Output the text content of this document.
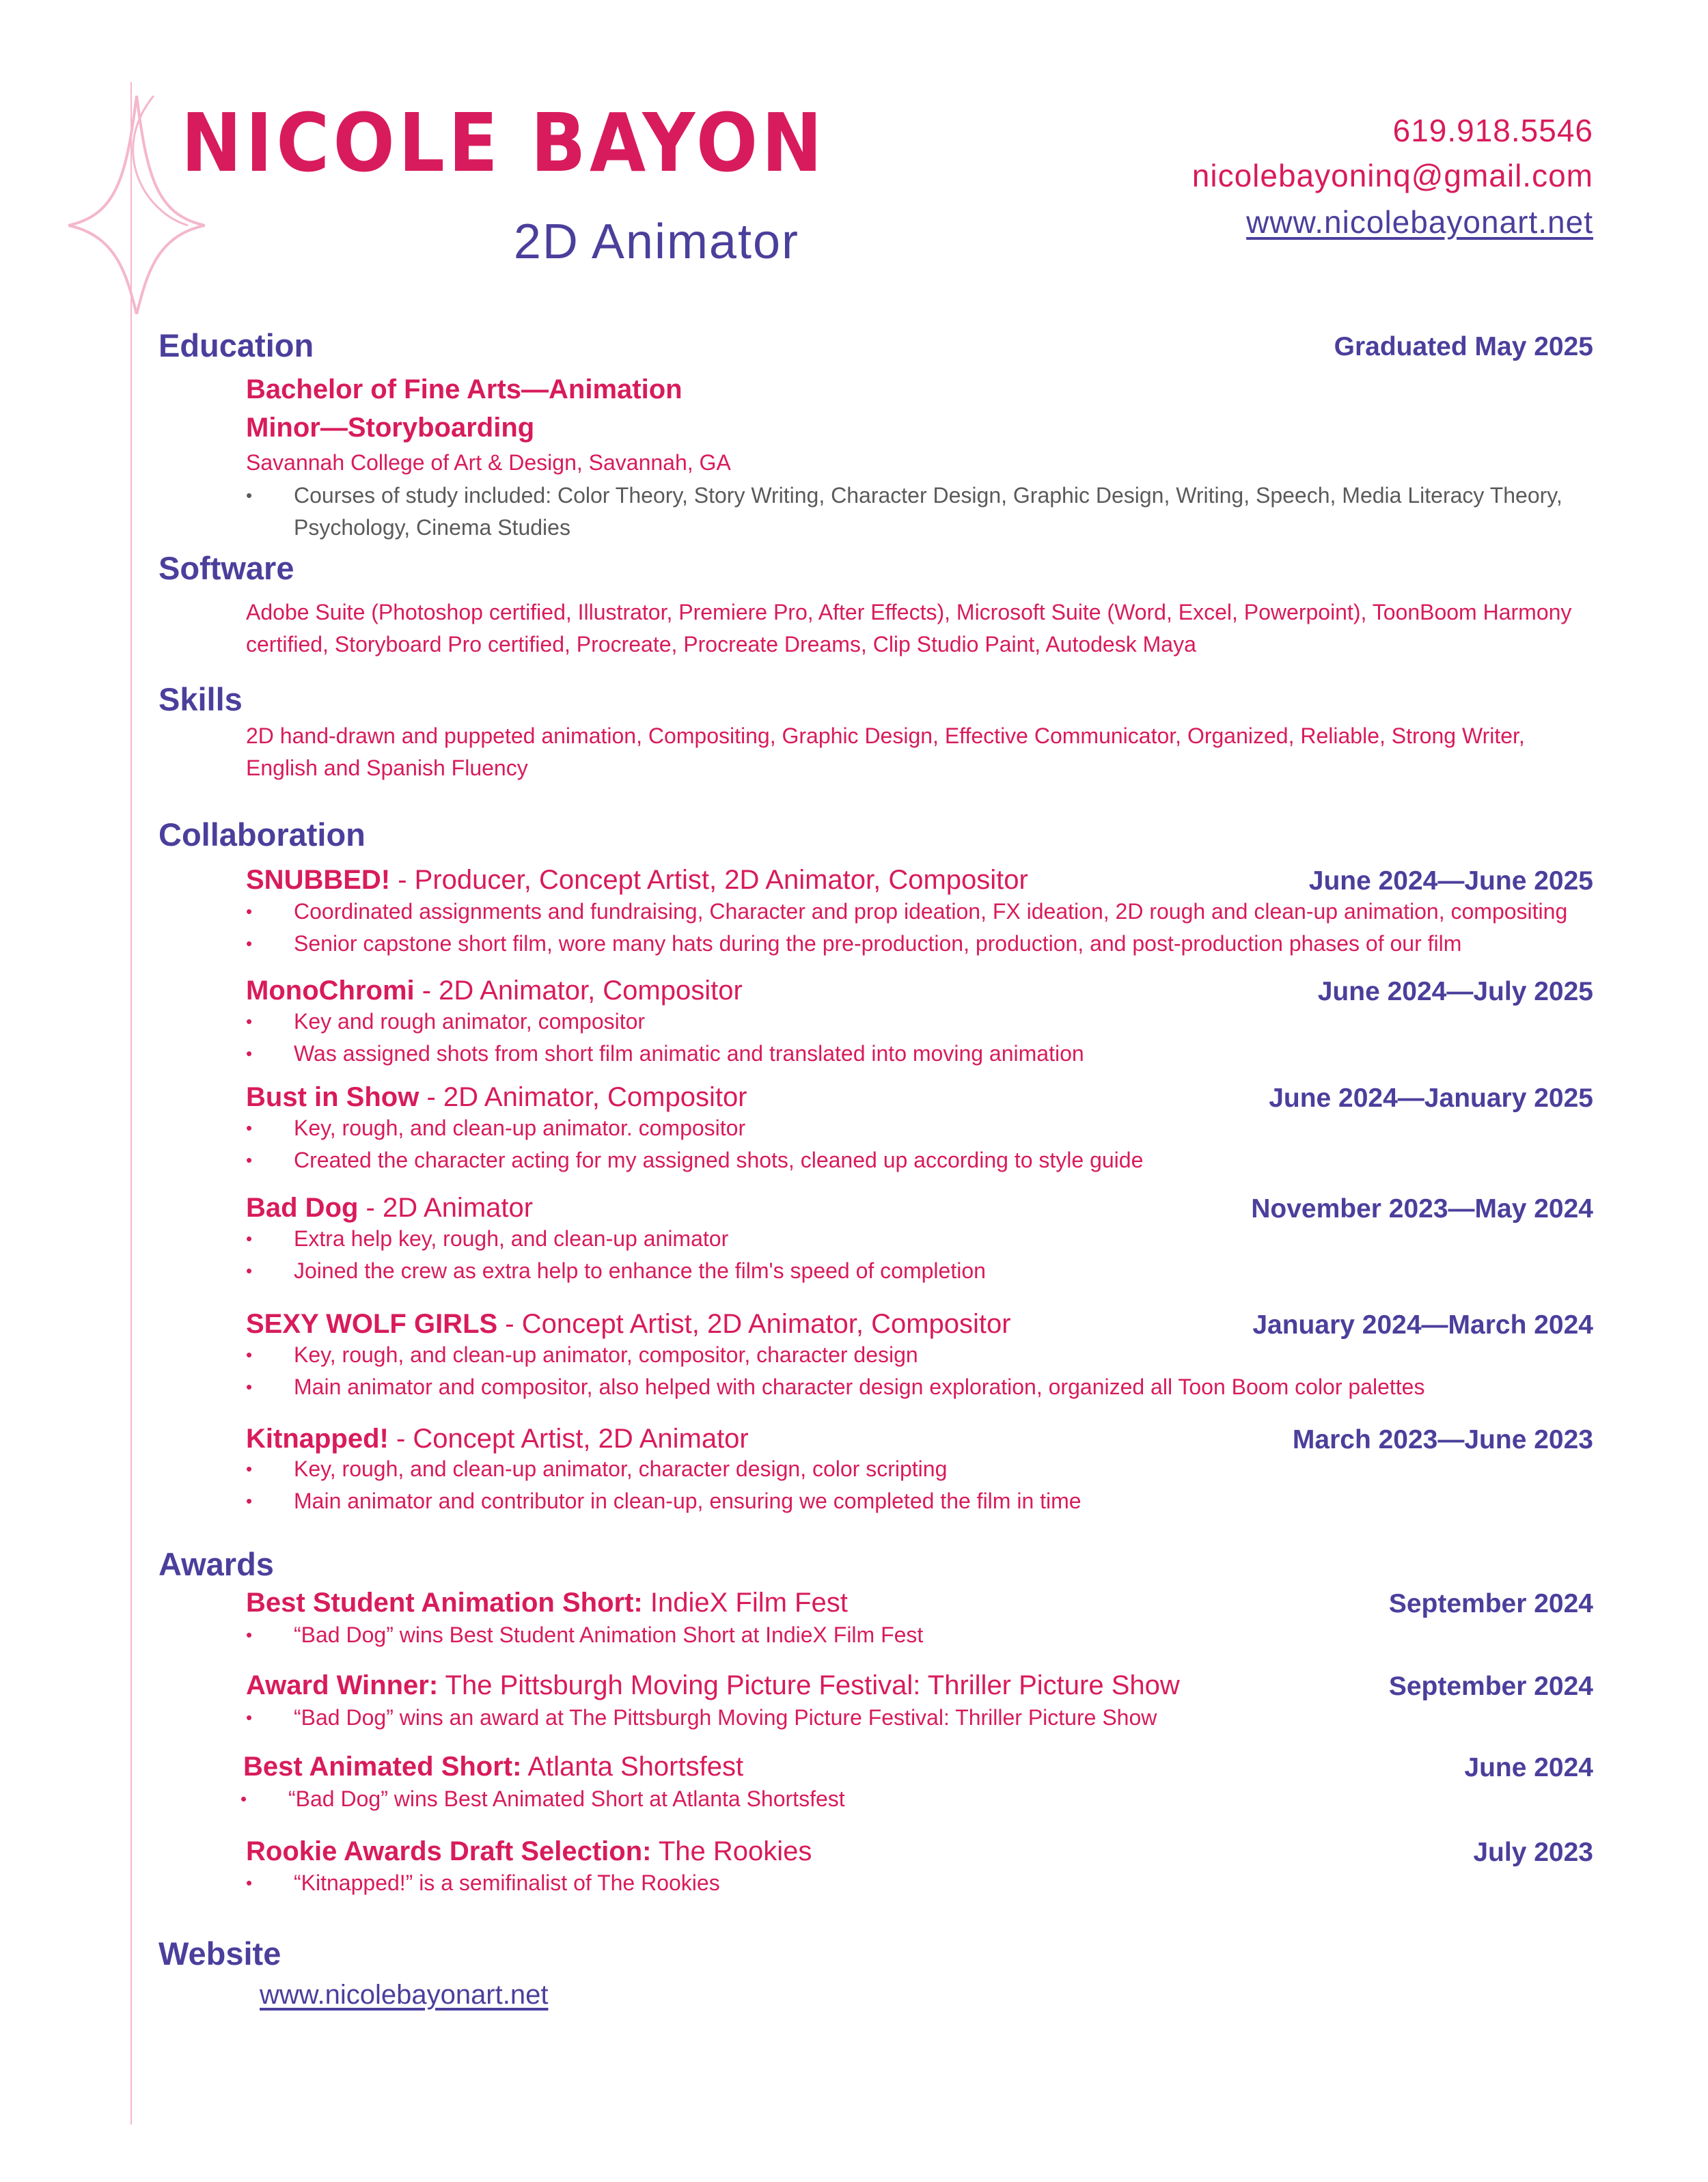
NICOLE BAYON
2D Animator
619.918.5546
nicolebayoninq@gmail.com
www.nicolebayonart.net
Education	Graduated May 2025
Bachelor of Fine Arts—Animation
Minor—Storyboarding
Savannah College of Art & Design, Savannah, GA
• Courses of study included: Color Theory, Story Writing, Character Design, Graphic Design, Writing, Speech, Media Literacy Theory, Psychology, Cinema Studies
Software
Adobe Suite (Photoshop certified, Illustrator, Premiere Pro, After Effects), Microsoft Suite (Word, Excel, Powerpoint), ToonBoom Harmony certified, Storyboard Pro certified, Procreate, Procreate Dreams, Clip Studio Paint, Autodesk Maya
Skills
2D hand-drawn and puppeted animation, Compositing, Graphic Design, Effective Communicator, Organized, Reliable, Strong Writer, English and Spanish Fluency
Collaboration
SNUBBED! - Producer, Concept Artist, 2D Animator, Compositor	June 2024—June 2025
• Coordinated assignments and fundraising, Character and prop ideation, FX ideation, 2D rough and clean-up animation, compositing
• Senior capstone short film, wore many hats during the pre-production, production, and post-production phases of our film
MonoChromi - 2D Animator, Compositor	June 2024—July 2025
• Key and rough animator, compositor
• Was assigned shots from short film animatic and translated into moving animation
Bust in Show - 2D Animator, Compositor	June 2024—January 2025
• Key, rough, and clean-up animator. compositor
• Created the character acting for my assigned shots, cleaned up according to style guide
Bad Dog - 2D Animator	November 2023—May 2024
• Extra help key, rough, and clean-up animator
• Joined the crew as extra help to enhance the film's speed of completion
SEXY WOLF GIRLS - Concept Artist, 2D Animator, Compositor	January 2024—March 2024
• Key, rough, and clean-up animator, compositor, character design
• Main animator and compositor, also helped with character design exploration, organized all Toon Boom color palettes
Kitnapped! - Concept Artist, 2D Animator	March 2023—June 2023
• Key, rough, and clean-up animator, character design, color scripting
• Main animator and contributor in clean-up, ensuring we completed the film in time
Awards
Best Student Animation Short: IndieX Film Fest	September 2024
• “Bad Dog” wins Best Student Animation Short at IndieX Film Fest
Award Winner: The Pittsburgh Moving Picture Festival: Thriller Picture Show	September 2024
• “Bad Dog” wins an award at The Pittsburgh Moving Picture Festival: Thriller Picture Show
Best Animated Short: Atlanta Shortsfest	June 2024
• “Bad Dog” wins Best Animated Short at Atlanta Shortsfest
Rookie Awards Draft Selection: The Rookies	July 2023
• “Kitnapped!” is a semifinalist of The Rookies
Website
www.nicolebayonart.net
